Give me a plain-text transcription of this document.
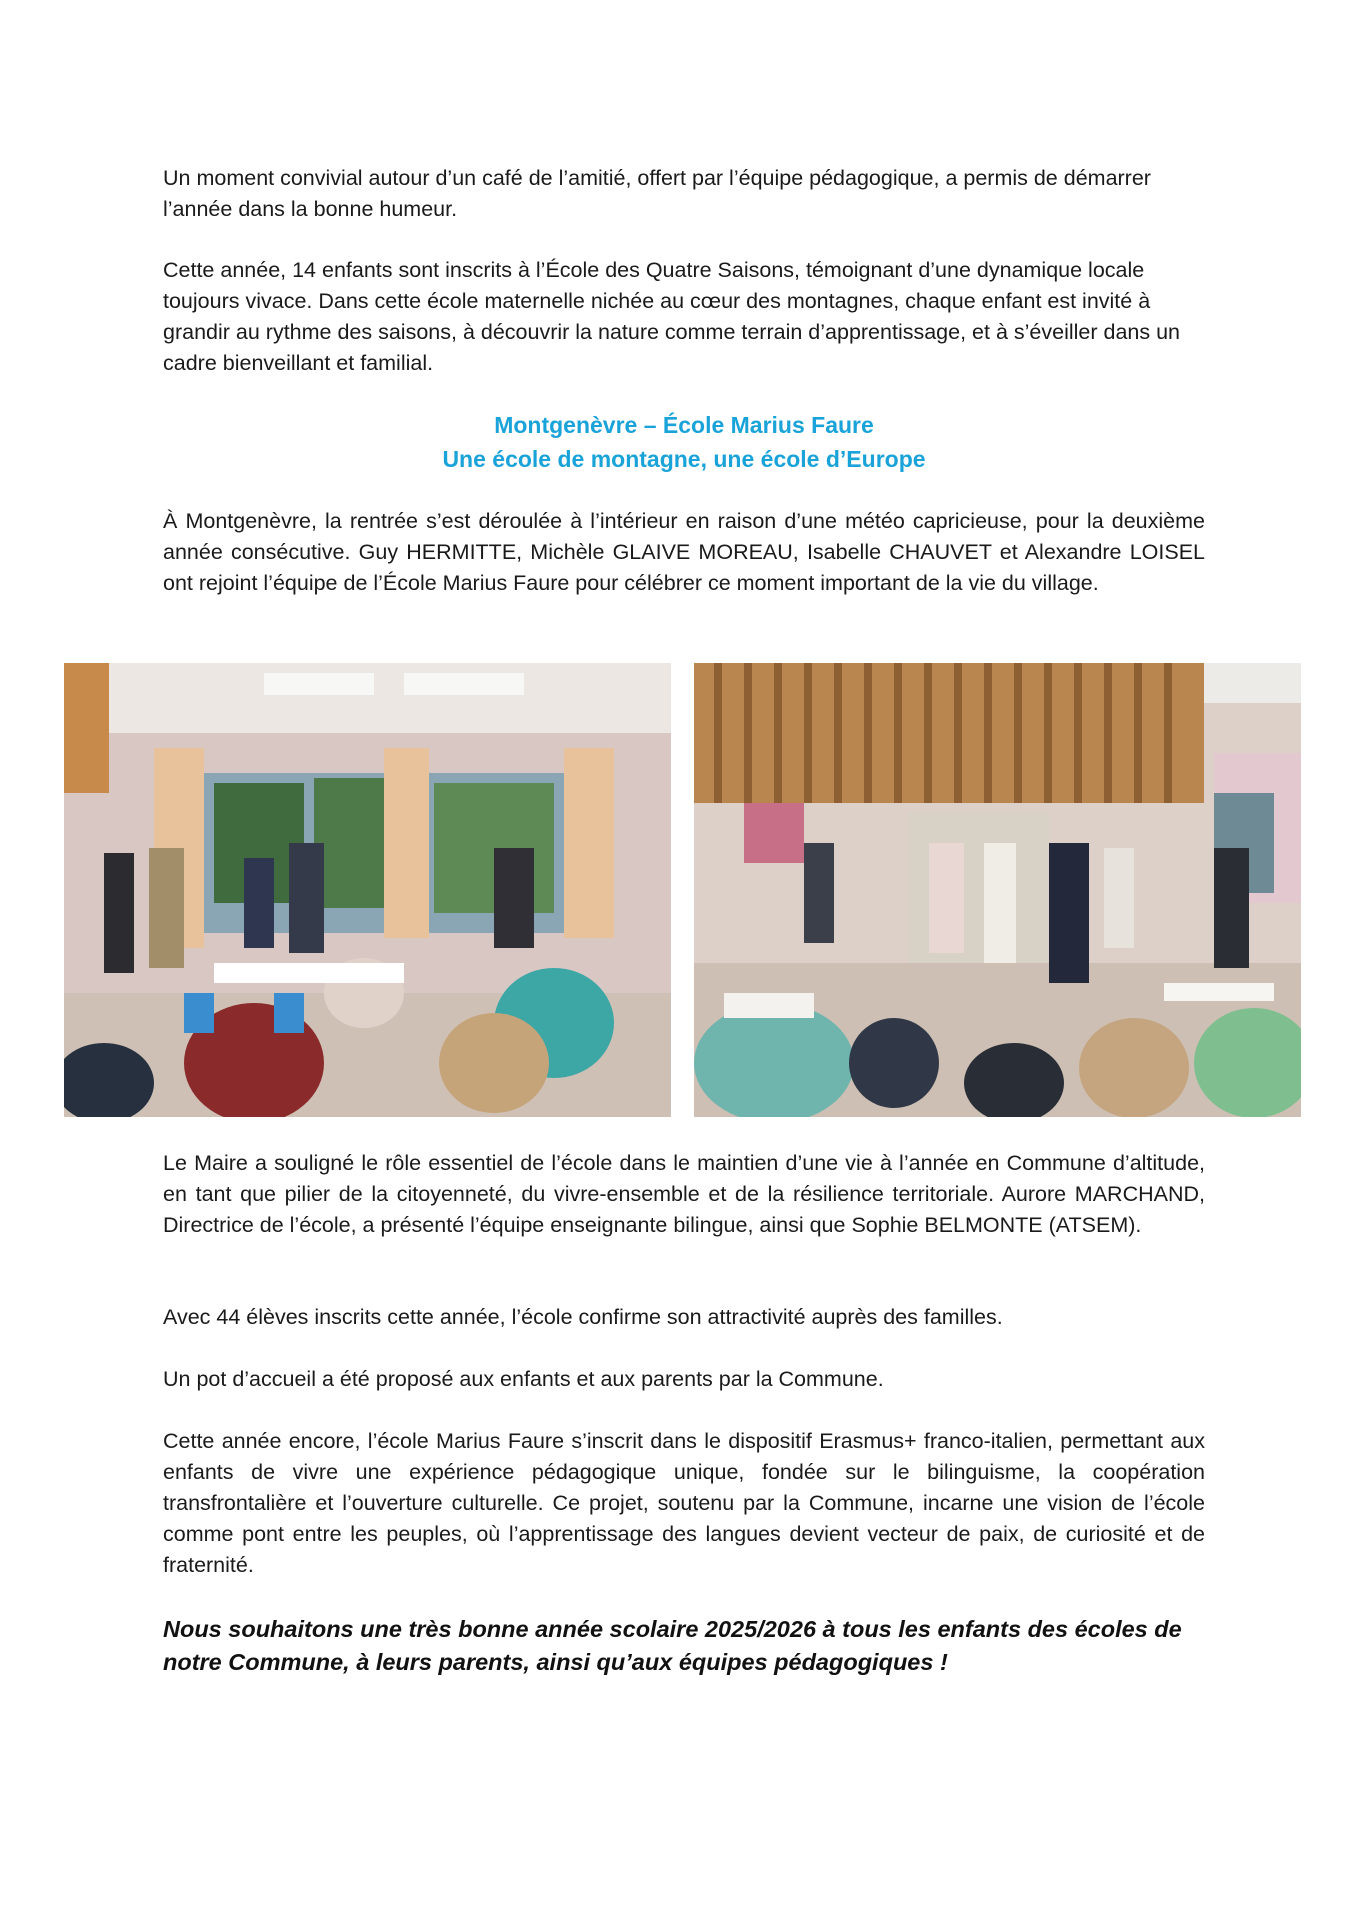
Un moment convivial autour d’un café de l’amitié, offert par l’équipe pédagogique, a permis de démarrer l’année dans la bonne humeur.

Cette année, 14 enfants sont inscrits à l’École des Quatre Saisons, témoignant d’une dynamique locale toujours vivace. Dans cette école maternelle nichée au cœur des montagnes, chaque enfant est invité à grandir au rythme des saisons, à découvrir la nature comme terrain d’apprentissage, et à s’éveiller dans un cadre bienveillant et familial.

Montgenèvre – École Marius Faure

Une école de montagne, une école d’Europe

À Montgenèvre, la rentrée s’est déroulée à l’intérieur en raison d’une météo capricieuse, pour la deuxième année consécutive. Guy HERMITTE, Michèle GLAIVE MOREAU, Isabelle CHAUVET et Alexandre LOISEL ont rejoint l’équipe de l’École Marius Faure pour célébrer ce moment important de la vie du village.

Le Maire a souligné le rôle essentiel de l’école dans le maintien d’une vie à l’année en Commune d’altitude, en tant que pilier de la citoyenneté, du vivre-ensemble et de la résilience territoriale. Aurore MARCHAND, Directrice de l’école, a présenté l’équipe enseignante bilingue, ainsi que Sophie BELMONTE (ATSEM).

Avec 44 élèves inscrits cette année, l’école confirme son attractivité auprès des familles.

Un pot d’accueil a été proposé aux enfants et aux parents par la Commune.

Cette année encore, l’école Marius Faure s’inscrit dans le dispositif Erasmus+ franco-italien, permettant aux enfants de vivre une expérience pédagogique unique, fondée sur le bilinguisme, la coopération transfrontalière et l’ouverture culturelle. Ce projet, soutenu par la Commune, incarne une vision de l’école comme pont entre les peuples, où l’apprentissage des langues devient vecteur de paix, de curiosité et de fraternité.

Nous souhaitons une très bonne année scolaire 2025/2026 à tous les enfants des écoles de notre Commune, à leurs parents, ainsi qu’aux équipes pédagogiques !
